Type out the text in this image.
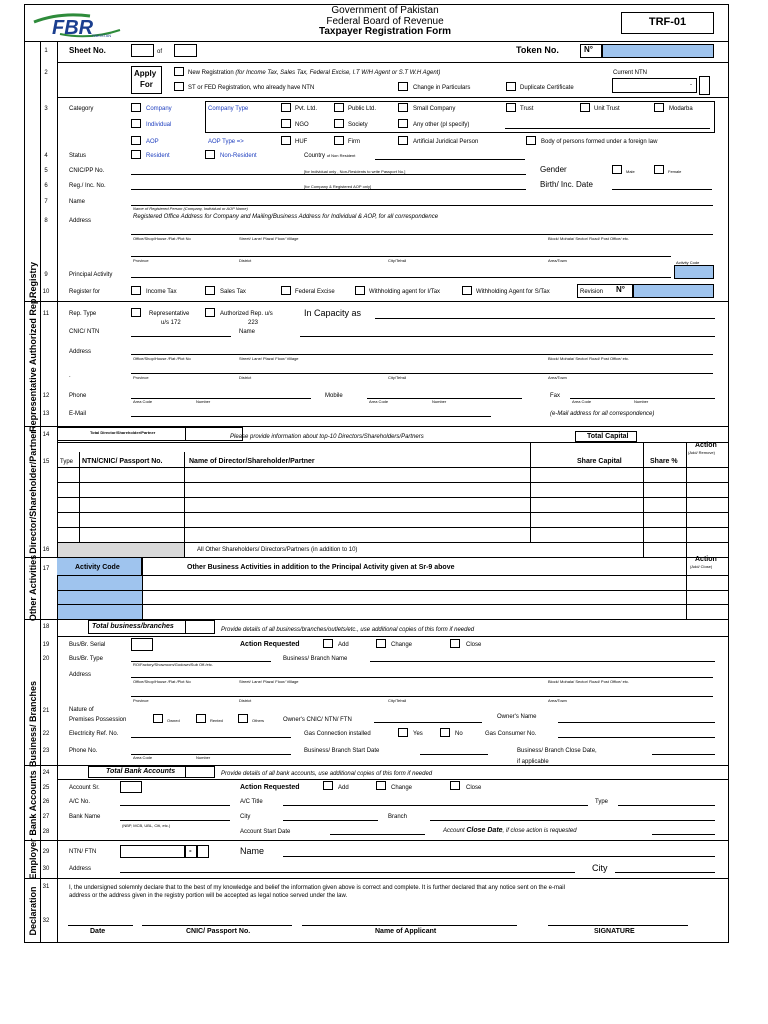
FBR
PAKISTAN
Government of Pakistan
Federal Board of Revenue
Taxpayer Registration Form
TRF-01
Registry
Representative Authorized Rep.
Director/Shareholder/Partner
Other Activities
Business/ Branches
Bank Accounts
Employer
Declaration
1
2
3
4
5
6
7
8
9
10
11
12
13
14
15
16
17
18
19
20
21
22
23
24
25
26
27
28
29
30
31
32
Sheet No.	of	Token No.	N°
Apply
For
New Registration (for Income Tax, Sales Tax, Federal Excise, I.T W/H Agent or S.T W.H Agent)	Current NTN
ST or FED Registration, who already have NTN	Change in Particulars	Duplicate Certificate	-
Category	Company	Company Type	Pvt. Ltd.	Public Ltd.	Small Company	Trust	Unit Trust	Modarba
Individual	NGO	Society	Any other (pl specify)
AOP	AOP Type =>	HUF	Firm	Artificial Juridical Person	Body of persons formed under a foreign law
Status	Resident	Non-Resident	Country of Non Resident
CNIC/PP No.	[for Individual only , Non-Residents to write Passport No.]	Gender	Male	Female
Reg./ Inc. No.	[for Company & Registered AOP only]	Birth/ Inc. Date
Name
Name of Registered Person (Company, Individual or AOP Name)
Address
Registered Office Address for Company and Mailing/Business Address for Individual & AOP, for all correspondence
Office/Shop/House /Flat /Plot No	Street/ Lane/ Plaza/ Floor/ Village	Block/ Mohala/ Sector/ Road/ Post Office/ etc.
Province	District	City/Tehsil	Area/Town	Activity Code
Principal Activity
Register for	Income Tax	Sales Tax	Federal Excise	Withholding agent for I/Tax	Withholding Agent for S/Tax	Revision N°
Rep. Type	Representative
u/s 172
Authorized Rep. u/s
223
In Capacity as
CNIC/ NTN	Name
Address
Office/Shop/House /Flat /Plot No	Street/ Lane/ Plaza/ Floor/ Village	Block/ Mohala/ Sector/ Road/ Post Office/ etc.
.	Province	District	City/Tehsil	Area/Town
Phone
Area Code	Number
Mobile
Area Code	Number
Fax
Area Code	Number
E-Mail	(e-Mail address for all correspondence)
Total Director/Shareholder/Partner
Please provide information about top-10 Directors/Shareholders/Partners	Total Capital
Action
(Add/ Remove)
Type NTN/CNIC/ Passport No.	Name of Director/Shareholder/Partner	Share Capital	Share %
All Other Shareholders/ Directors/Partners (in addition to 10)
Activity Code	Other Business Activities in addition to the Principal Activity given at Sr-9 above
Action
(Add/ Close)
Total business/branches	Provide details of all business/branches/outlets/etc., use additional copies of this form if needed
Bus/Br. Serial	Action Requested	Add	Change	Close
Bus/Br. Type
RO/Factory/Showroom/Godown/Sub Off./etc.
Business/ Branch Name
Address
Office/Shop/House /Flat /Plot No	Street/ Lane/ Plaza/ Floor/ Village	Block/ Mohala/ Sector/ Road/ Post Office/ etc.
Province	District	City/Tehsil	Area/Town
Nature of
Premises Possession	Owned	Rented	Others	Owner's CNIC/ NTN/ FTN	Owner's Name
Electricity Ref. No.	Gas Connection installed	Yes	No	Gas Consumer No.
Phone No.
Area Code	Number
Business/ Branch Start Date	Business/ Branch Close Date,
if applicable
Total Bank Accounts	Provide details of all bank accounts, use additional copies of this form if needed
Account Sr.	Action Requested	Add	Change	Close
A/C No.	A/C Title	Type
Bank Name
(NBP, MCB, UBL, Citi, etc.)
City	Branch
Account Start Date	Account Close Date, if close action is requested
NTN/ FTN	-	Name
Address	City
I, the undersigned solemnly declare that to the best of my knowledge and belief the information given above is correct and complete. It is further declared that any notice sent on the e-mail
address or the address given in the registry portion will be accepted as legal notice served under the law.
Date	CNIC/ Passport No.	Name of Applicant	SIGNATURE
